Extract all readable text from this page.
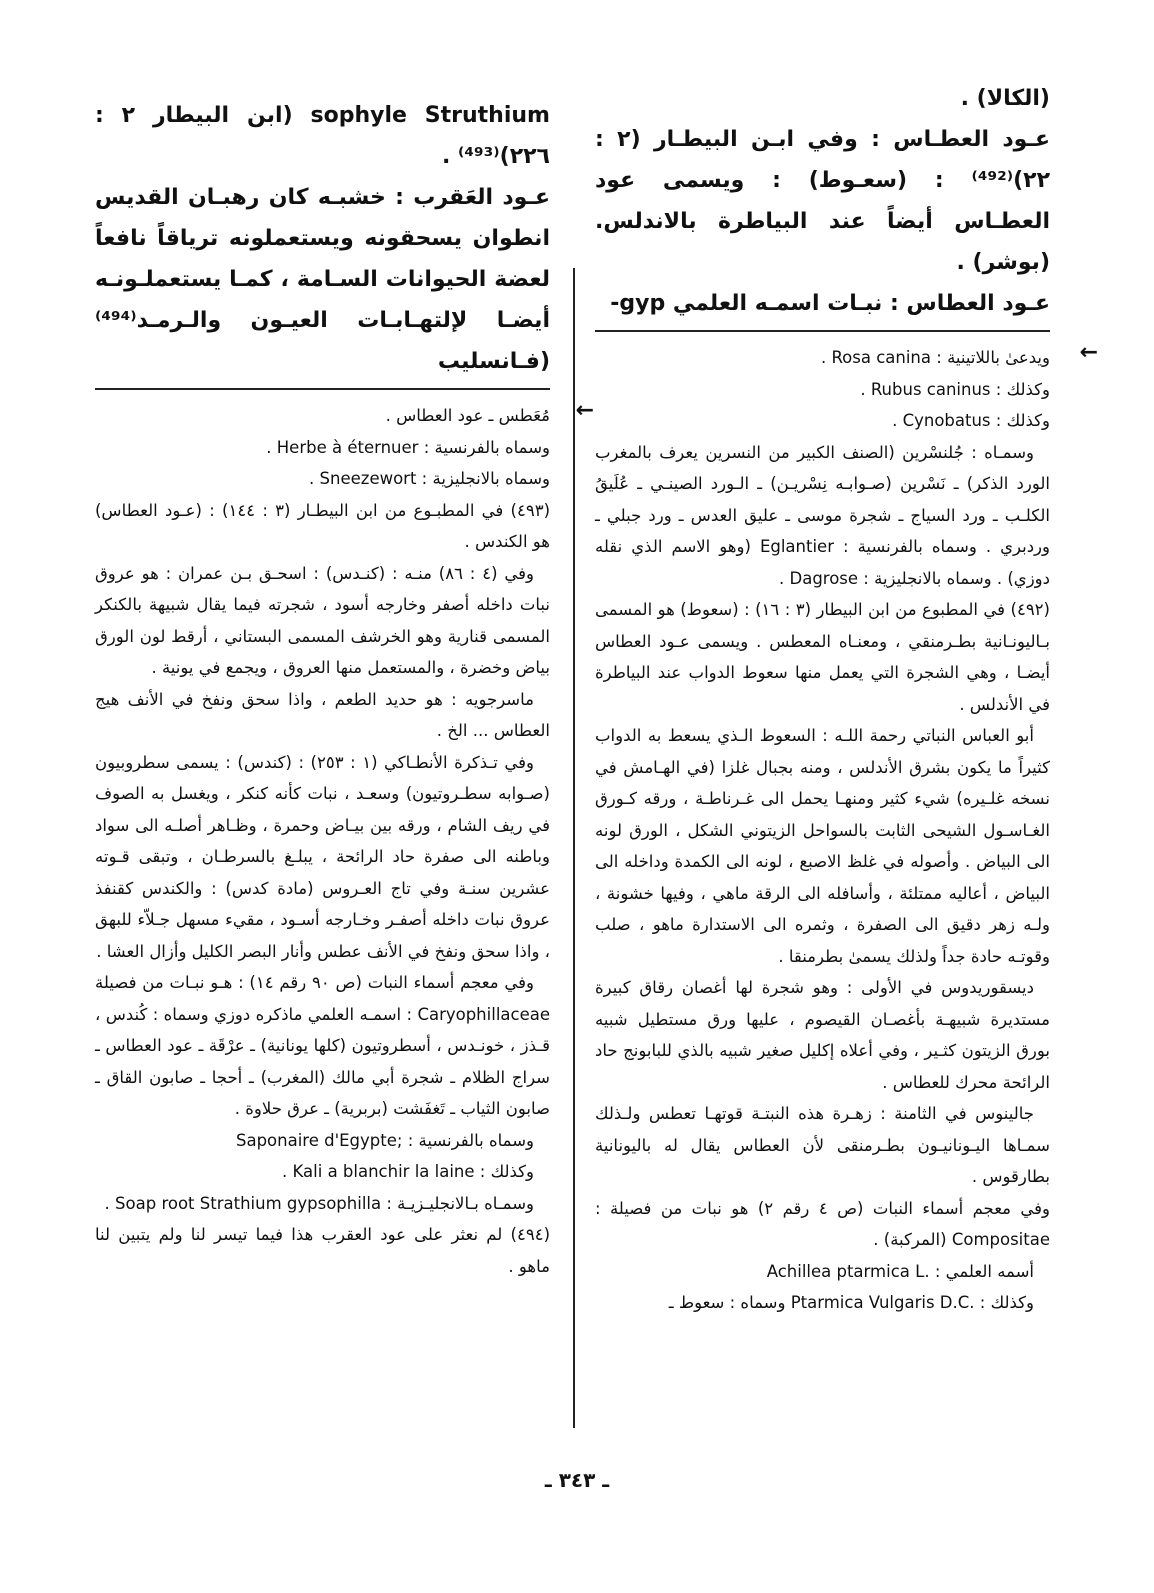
(الكالا) .

عـود العطـاس : وفي ابـن البيطـار (٢ : ٢٢)⁽⁴⁹²⁾ : (سعـوط) : ويسمى عود العطـاس أيضاً عند البياطرة بالاندلس. (بوشر) .

عـود العطاس : نبـات اسمـه العلمي gyp-

←

ويدعىٰ باللاتينية : Rosa canina .

وكذلك : Rubus caninus .

وكذلك : Cynobatus .

وسمـاه : جُلنسْرين (الصنف الكبير من النسرين يعرف بالمغرب الورد الذكر) ـ نَسْرين (صـوابـه نِسْريـن) ـ الـورد الصينـي ـ عُلَيقُ الكلـب ـ ورد السياج ـ شجرة موسى ـ عليق العدس ـ ورد جبلي ـ وردبري . وسماه بالفرنسية : Eglantier (وهو الاسم الذي نقله دوزي) . وسماه بالانجليزية : Dagrose .

(٤٩٢) في المطبوع من ابن البيطار (٣ : ١٦) : (سعوط) هو المسمى بـاليونـانية بطـرمنقي ، ومعنـاه المعطس . ويسمى عـود العطاس أيضـا ، وهي الشجرة التي يعمل منها سعوط الدواب عند البياطرة في الأندلس .

أبو العباس النباتي رحمة اللـه : السعوط الـذي يسعط به الدواب كثيراً ما يكون بشرق الأندلس ، ومنه بجبال غلزا (في الهـامش في نسخه غلـيره) شيء كثير ومنهـا يحمل الى غـرناطـة ، ورقه كـورق الغـاسـول الشيحى الثابت بالسواحل الزيتوني الشكل ، الورق لونه الى البياض . وأصوله في غلظ الاصبع ، لونه الى الكمدة وداخله الى البياض ، أعاليه ممتلئة ، وأسافله الى الرقة ماهي ، وفيها خشونة ، ولـه زهر دقيق الى الصفرة ، وثمره الى الاستدارة ماهو ، صلب وقوتـه حادة جداً ولذلك يسمىٰ بطرمنقا .

ديسقوريدوس في الأولى : وهو شجرة لها أغصان رقاق كبيرة مستديرة شبيهـة بأغصـان القيصوم ، عليها ورق مستطيل شبيه بورق الزيتون كثـير ، وفي أعلاه إكليل صغير شبيه بالذي للبابونج حاد الرائحة محرك للعطاس .

جالينوس في الثامنة : زهـرة هذه النبتـة قوتهـا تعطس ولـذلك سمـاها اليـونانيـون بطـرمنقى لأن العطاس يقال له باليونانية بطارقوس .

وفي معجم أسماء النبات (ص ٤ رقم ٢) هو نبات من فصيلة : Compositae (المركبة) .

أسمه العلمي : .Achillea ptarmica L

وكذلك : .Ptarmica Vulgaris D.C وسماه : سعوط ـ

sophyle Struthium (ابن البيطار ٢ : ٢٢٦)⁽⁴⁹³⁾ .

عـود العَقرب : خشبـه كان رهبـان القديس انطوان يسحقونه ويستعملونه ترياقاً نافعاً لعضة الحيوانات السـامة ، كمـا يستعملـونـه أيضـا لإلتهـابـات العيـون والـرمـد⁽⁴⁹⁴⁾ (فـانسليب

←

مُعَطس ـ عود العطاس .

وسماه بالفرنسية : Herbe à éternuer .

وسماه بالانجليزية : Sneezewort .

(٤٩٣) في المطبـوع من ابن البيطـار (٣ : ١٤٤) : (عـود العطاس) هو الكندس .

وفي (٤ : ٨٦) منـه : (كنـدس) : اسحـق بـن عمران : هو عروق نبات داخله أصفر وخارجه أسود ، شجرته فيما يقال شبيهة بالكنكر المسمى قنارية وهو الخرشف المسمى البستاني ، أرقط لون الورق بياض وخضرة ، والمستعمل منها العروق ، ويجمع في يونية .

ماسرجويه : هو حديد الطعم ، واذا سحق ونفخ في الأنف هيج العطاس ... الخ .

وفي تـذكرة الأنطـاكي (١ : ٢٥٣) : (كندس) : يسمى سطروبيون (صـوابه سطـروتيون) وسعـد ، نبات كأنه كنكر ، ويغسل به الصوف في ريف الشام ، ورقه بين بيـاض وحمرة ، وظـاهر أصلـه الى سواد وباطنه الى صفرة حاد الرائحة ، يبلـغ بالسرطـان ، وتبقى قـوته عشرين سنـة وفي تاج العـروس (مادة كدس) : والكندس كقنفذ عروق نبات داخله أصفـر وخـارجه أسـود ، مقيء مسهل جـلاّء للبهق ، واذا سحق ونفخ في الأنف عطس وأنار البصر الكليل وأزال العشا .

وفي معجم أسماء النبات (ص ٩٠ رقم ١٤) : هـو نبـات من فصيلة Caryophillaceae : اسمـه العلمي ماذكره دوزي وسماه : كُندس ، قـذز ، خونـدس ، أسطروتيون (كلها يونانية) ـ عرْقَة ـ عود العطاس ـ سراج الظلام ـ شجرة أبي مالك (المغرب) ـ أحجا ـ صابون القاق ـ صابون الثياب ـ تَغفَشت (بربرية) ـ عرق حلاوة .

وسماه بالفرنسية : ;Saponaire d'Egypte

وكذلك : Kali a blanchir la laine .

وسمـاه بـالانجليـزيـة : Soap root Strathium gypsophilla .

(٤٩٤) لم نعثر على عود العقرب هذا فيما تيسر لنا ولم يتبين لنا ماهو .

ـ ٣٤٣ ـ
